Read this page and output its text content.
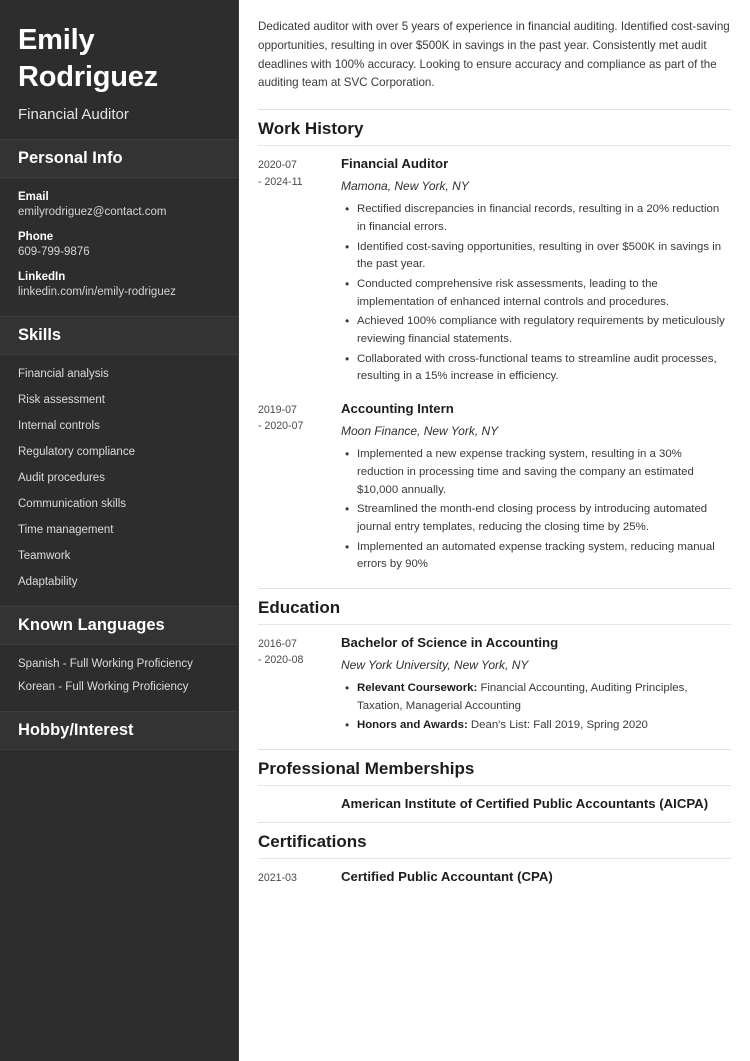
Emily
Rodriguez
Financial Auditor
Personal Info
Email
emilyrodriguez@contact.com
Phone
609-799-9876
LinkedIn
linkedin.com/in/emily-rodriguez
Skills
Financial analysis
Risk assessment
Internal controls
Regulatory compliance
Audit procedures
Communication skills
Time management
Teamwork
Adaptability
Known Languages
Spanish - Full Working Proficiency
Korean - Full Working Proficiency
Hobby/Interest

Dedicated auditor with over 5 years of experience in financial auditing. Identified cost-saving opportunities, resulting in over $500K in savings in the past year. Consistently met audit deadlines with 100% accuracy. Looking to ensure accuracy and compliance as part of the auditing team at SVC Corporation.

Work History
2020-07
- 2024-11
Financial Auditor
Mamona, New York, NY
• Rectified discrepancies in financial records, resulting in a 20% reduction in financial errors.
• Identified cost-saving opportunities, resulting in over $500K in savings in the past year.
• Conducted comprehensive risk assessments, leading to the implementation of enhanced internal controls and procedures.
• Achieved 100% compliance with regulatory requirements by meticulously reviewing financial statements.
• Collaborated with cross-functional teams to streamline audit processes, resulting in a 15% increase in efficiency.
2019-07
- 2020-07
Accounting Intern
Moon Finance, New York, NY
• Implemented a new expense tracking system, resulting in a 30% reduction in processing time and saving the company an estimated $10,000 annually.
• Streamlined the month-end closing process by introducing automated journal entry templates, reducing the closing time by 25%.
• Implemented an automated expense tracking system, reducing manual errors by 90%
Education
2016-07
- 2020-08
Bachelor of Science in Accounting
New York University, New York, NY
• Relevant Coursework: Financial Accounting, Auditing Principles, Taxation, Managerial Accounting
• Honors and Awards: Dean's List: Fall 2019, Spring 2020
Professional Memberships
American Institute of Certified Public Accountants (AICPA)
Certifications
2021-03	Certified Public Accountant (CPA)
